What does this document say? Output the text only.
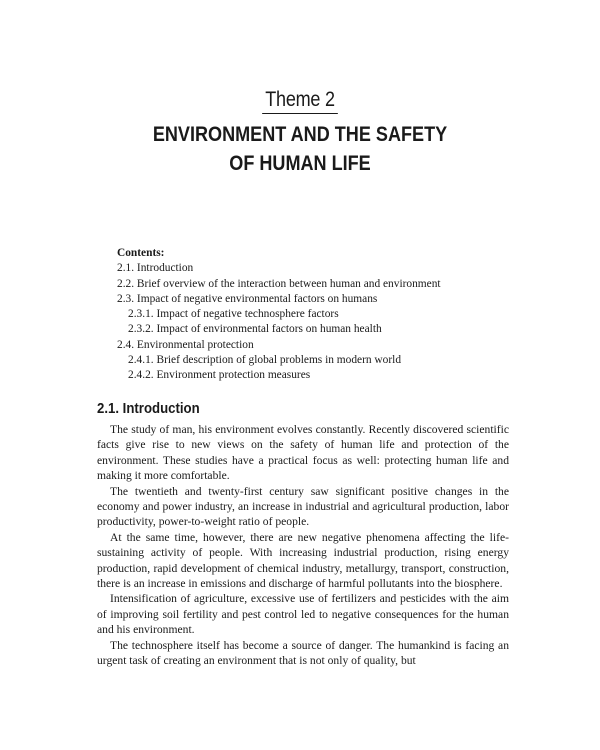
Theme 2
ENVIRONMENT AND THE SAFETY
OF HUMAN LIFE
Contents:
2.1. Introduction
2.2. Brief overview of the interaction between human and environment
2.3. Impact of negative environmental factors on humans
2.3.1. Impact of negative technosphere factors
2.3.2. Impact of environmental factors on human health
2.4. Environmental protection
2.4.1. Brief description of global problems in modern world
2.4.2. Environment protection measures
2.1. Introduction

The study of man, his environment evolves constantly. Recently discovered scientific facts give rise to new views on the safety of human life and protection of the environment. These studies have a practical focus as well: protecting human life and making it more comfortable.

The twentieth and twenty-first century saw significant positive changes in the economy and power industry, an increase in industrial and agricultural production, labor productivity, power-to-weight ratio of people.

At the same time, however, there are new negative phenomena affecting the life-sustaining activity of people. With increasing industrial production, rising energy production, rapid development of chemical industry, metallurgy, transport, construction, there is an increase in emissions and discharge of harmful pollutants into the biosphere.

Intensification of agriculture, excessive use of fertilizers and pesticides with the aim of improving soil fertility and pest control led to negative consequences for the human and his environment.

The technosphere itself has become a source of danger. The humankind is facing an urgent task of creating an environment that is not only of quality, but
